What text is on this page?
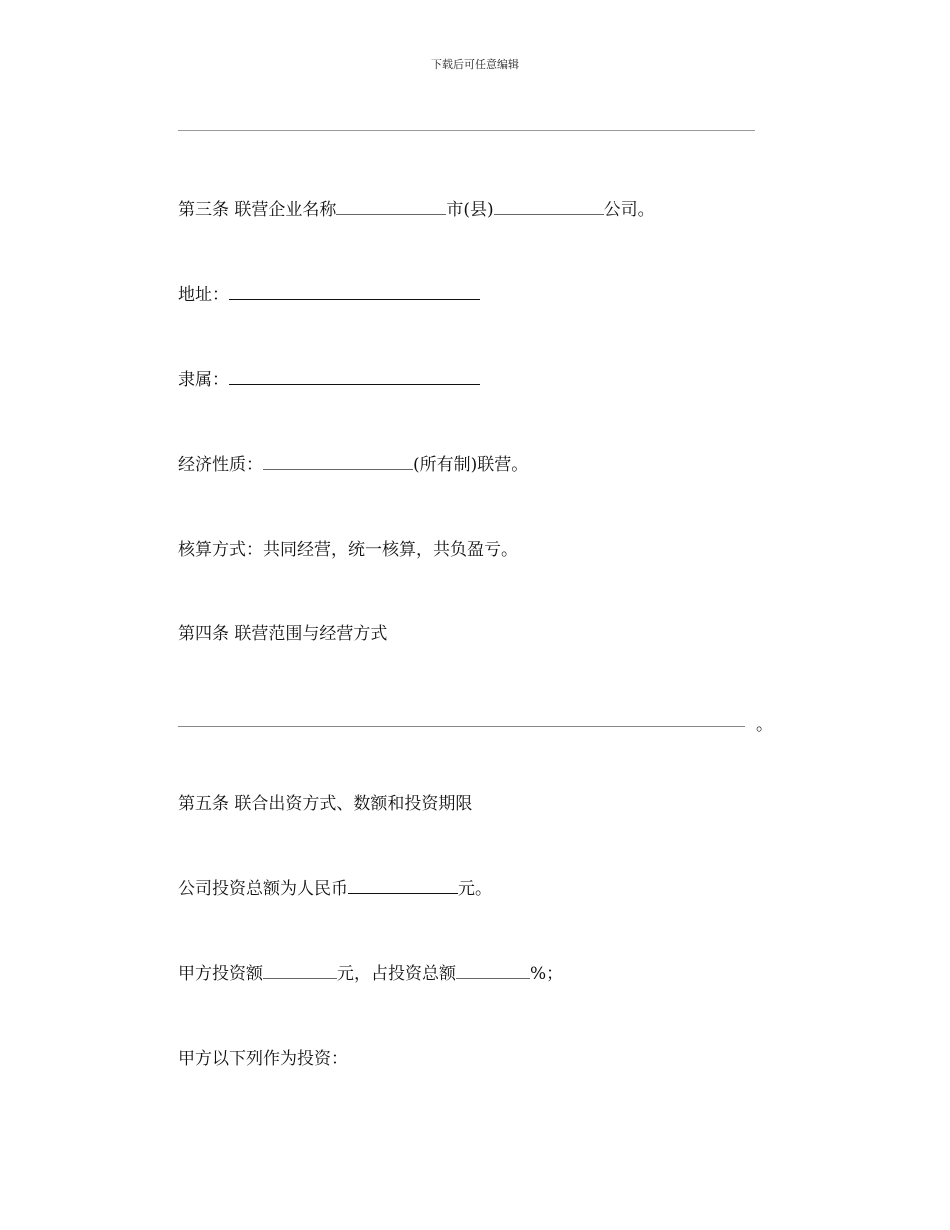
下载后可任意编辑
第三条 联营企业名称	市(县)	公司。
地址：
隶属：
经济性质：	(所有制)联营。
核算方式：共同经营，统一核算，共负盈亏。
第四条 联营范围与经营方式
。
第五条 联合出资方式、数额和投资期限
公司投资总额为人民币	元。
甲方投资额	元，占投资总额	%；
甲方以下列作为投资：
